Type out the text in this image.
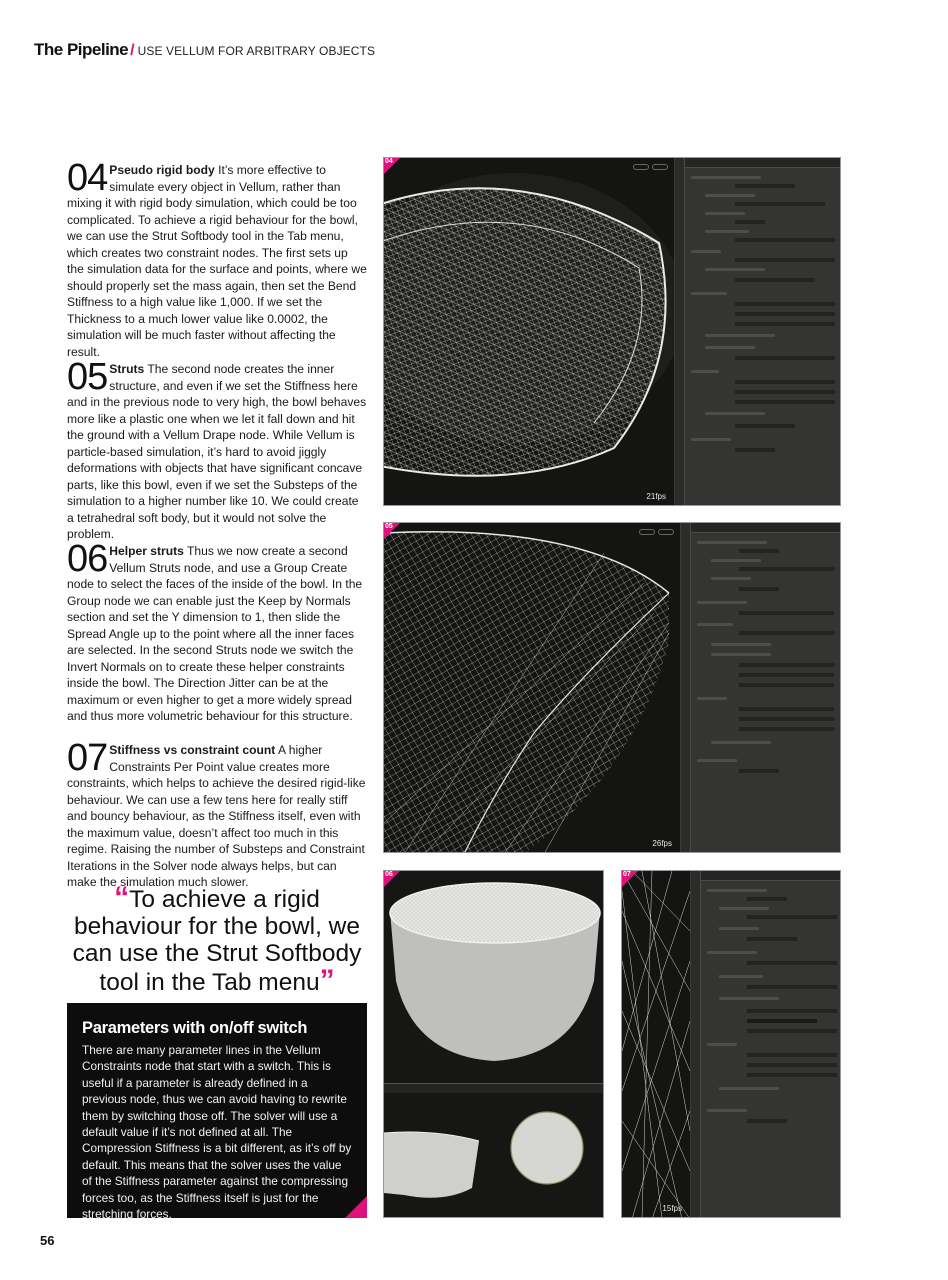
The Pipeline / USE VELLUM FOR ARBITRARY OBJECTS
04 Pseudo rigid body It’s more effective to simulate every object in Vellum, rather than mixing it with rigid body simulation, which could be too complicated. To achieve a rigid behaviour for the bowl, we can use the Strut Softbody tool in the Tab menu, which creates two constraint nodes. The first sets up the simulation data for the surface and points, where we should properly set the mass again, then set the Bend Stiffness to a high value like 1,000. If we set the Thickness to a much lower value like 0.0002, the simulation will be much faster without affecting the result.
05 Struts The second node creates the inner structure, and even if we set the Stiffness here and in the previous node to very high, the bowl behaves more like a plastic one when we let it fall down and hit the ground with a Vellum Drape node. While Vellum is particle-based simulation, it’s hard to avoid jiggly deformations with objects that have significant concave parts, like this bowl, even if we set the Substeps of the simulation to a higher number like 10. We could create a tetrahedral soft body, but it would not solve the problem.
06 Helper struts Thus we now create a second Vellum Struts node, and use a Group Create node to select the faces of the inside of the bowl. In the Group node we can enable just the Keep by Normals section and set the Y dimension to 1, then slide the Spread Angle up to the point where all the inner faces are selected. In the second Struts node we switch the Invert Normals on to create these helper constraints inside the bowl. The Direction Jitter can be at the maximum or even higher to get a more widely spread and thus more volumetric behaviour for this structure.
07 Stiffness vs constraint count A higher Constraints Per Point value creates more constraints, which helps to achieve the desired rigid-like behaviour. We can use a few tens here for really stiff and bouncy behaviour, as the Stiffness itself, even with the maximum value, doesn’t affect too much in this regime. Raising the number of Substeps and Constraint Iterations in the Solver node always helps, but can make the simulation much slower.
“To achieve a rigid behaviour for the bowl, we can use the Strut Softbody tool in the Tab menu”
Parameters with on/off switch
There are many parameter lines in the Vellum Constraints node that start with a switch. This is useful if a parameter is already defined in a previous node, thus we can avoid having to rewrite them by switching those off. The solver will use a default value if it’s not defined at all. The Compression Stiffness is a bit different, as it’s off by default. This means that the solver uses the value of the Stiffness parameter against the compressing forces too, as the Stiffness itself is just for the stretching forces.
56
21fps
04
26fps
05
06
15fps
07
